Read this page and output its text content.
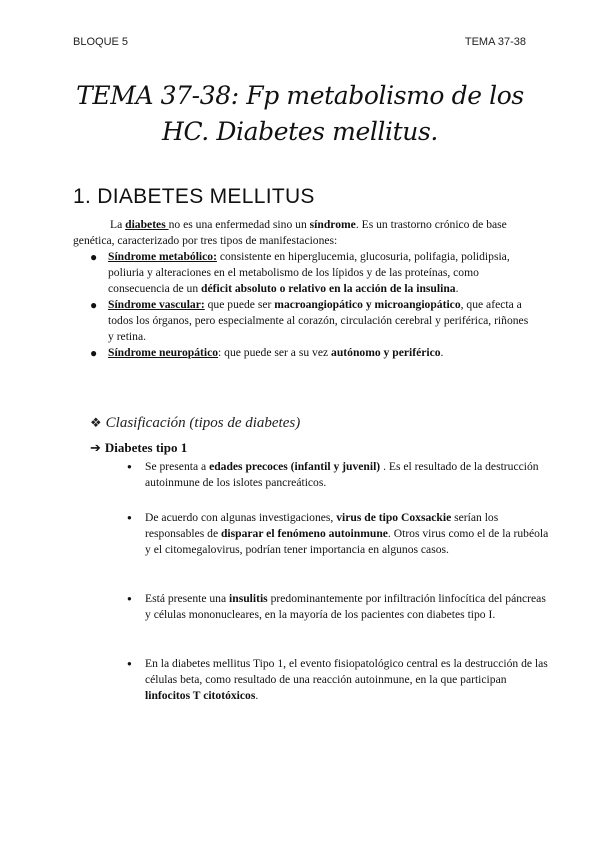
BLOQUE 5	TEMA 37-38
TEMA 37-38: Fp metabolismo de los
HC. Diabetes mellitus.
1. DIABETES MELLITUS

La diabetes no es una enfermedad sino un síndrome. Es un trastorno crónico de base genética, caracterizado por tres tipos de manifestaciones:

● Síndrome metabólico: consistente en hiperglucemia, glucosuria, polifagia, polidipsia, poliuria y alteraciones en el metabolismo de los lípidos y de las proteínas, como consecuencia de un déficit absoluto o relativo en la acción de la insulina.
● Síndrome vascular: que puede ser macroangiopático y microangiopático, que afecta a todos los órganos, pero especialmente al corazón, circulación cerebral y periférica, riñones y retina.
● Síndrome neuropático: que puede ser a su vez autónomo y periférico.
❖ Clasificación (tipos de diabetes)
➔ Diabetes tipo 1
● Se presenta a edades precoces (infantil y juvenil) . Es el resultado de la destrucción autoinmune de los islotes pancreáticos.
● De acuerdo con algunas investigaciones, virus de tipo Coxsackie serían los responsables de disparar el fenómeno autoinmune. Otros virus como el de la rubéola y el citomegalovirus, podrían tener importancia en algunos casos.
● Está presente una insulitis predominantemente por infiltración linfocítica del páncreas y células mononucleares, en la mayoría de los pacientes con diabetes tipo I.
● En la diabetes mellitus Tipo 1, el evento fisiopatológico central es la destrucción de las células beta, como resultado de una reacción autoinmune, en la que participan linfocitos T citotóxicos.
